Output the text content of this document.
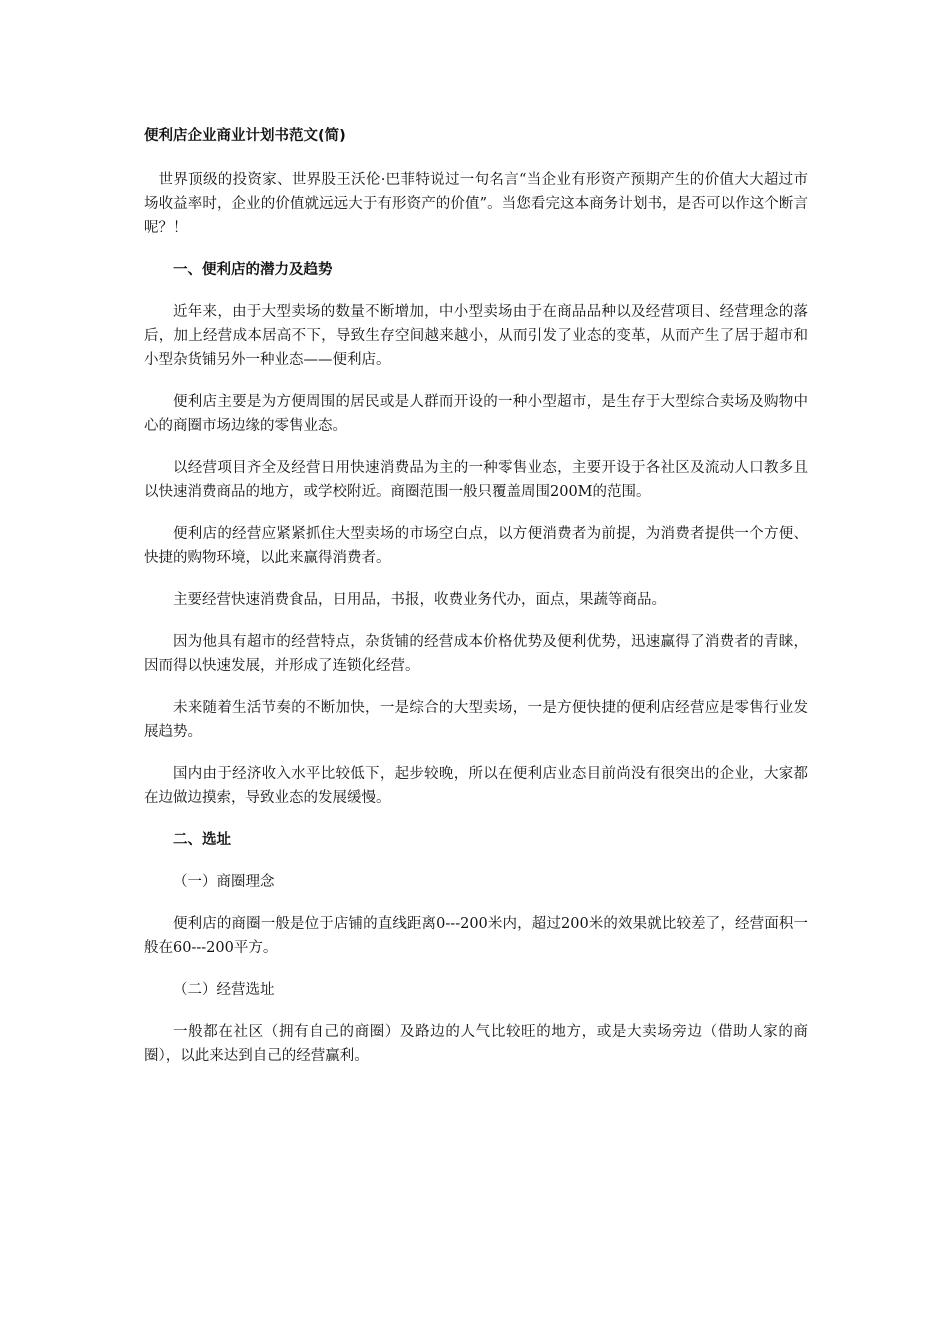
便利店企业商业计划书范文(简)

世界顶级的投资家、世界股王沃伦·巴菲特说过一句名言“当企业有形资产预期产生的价值大大超过市场收益率时，企业的价值就远远大于有形资产的价值”。当您看完这本商务计划书，是否可以作这个断言呢？！

一、便利店的潜力及趋势

近年来，由于大型卖场的数量不断增加，中小型卖场由于在商品品种以及经营项目、经营理念的落后，加上经营成本居高不下，导致生存空间越来越小，从而引发了业态的变革，从而产生了居于超市和小型杂货铺另外一种业态——便利店。

便利店主要是为方便周围的居民或是人群而开设的一种小型超市，是生存于大型综合卖场及购物中心的商圈市场边缘的零售业态。

以经营项目齐全及经营日用快速消费品为主的一种零售业态，主要开设于各社区及流动人口教多且以快速消费商品的地方，或学校附近。商圈范围一般只覆盖周围200M的范围。

便利店的经营应紧紧抓住大型卖场的市场空白点，以方便消费者为前提，为消费者提供一个方便、快捷的购物环境，以此来赢得消费者。

主要经营快速消费食品，日用品，书报，收费业务代办，面点，果蔬等商品。

因为他具有超市的经营特点，杂货铺的经营成本价格优势及便利优势，迅速赢得了消费者的青睐，因而得以快速发展，并形成了连锁化经营。

未来随着生活节奏的不断加快，一是综合的大型卖场，一是方便快捷的便利店经营应是零售行业发展趋势。

国内由于经济收入水平比较低下，起步较晚，所以在便利店业态目前尚没有很突出的企业，大家都在边做边摸索，导致业态的发展缓慢。

二、选址
（一）商圈理念

便利店的商圈一般是位于店铺的直线距离0---200米内，超过200米的效果就比较差了，经营面积一般在60---200平方。

（二）经营选址

一般都在社区（拥有自己的商圈）及路边的人气比较旺的地方，或是大卖场旁边（借助人家的商圈），以此来达到自己的经营赢利。
